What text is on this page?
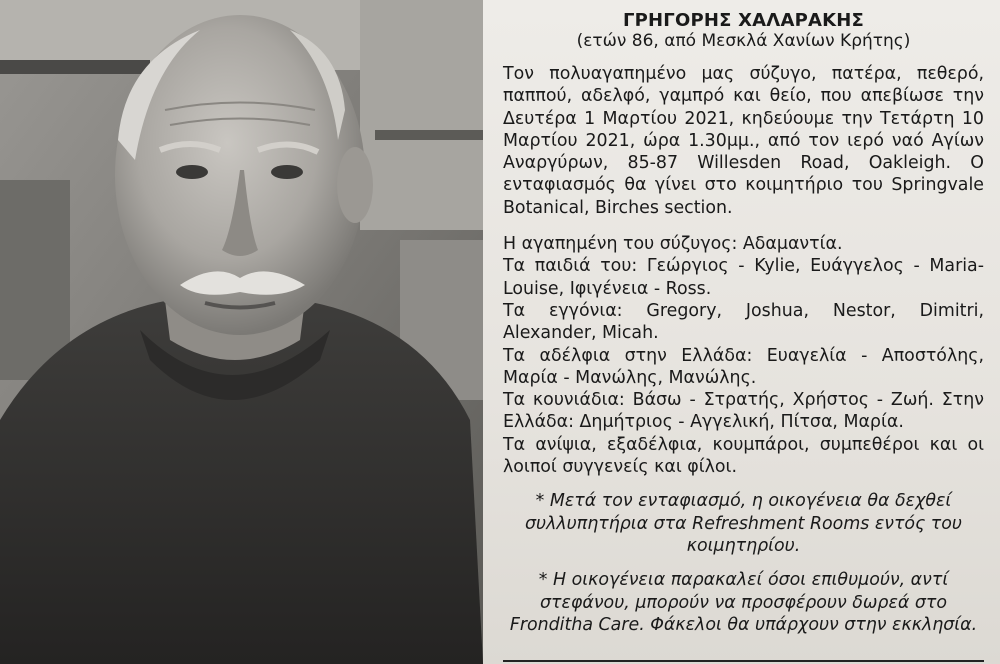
ΓΡΗΓΟΡΗΣ ΧΑΛΑΡΑΚΗΣ
(ετών 86, από Μεσκλά Χανίων Κρήτης)

Τον πολυαγαπημένο μας σύζυγο, πατέρα, πεθερό, παππού, αδελφό, γαμπρό και θείο, που απεβίωσε την Δευτέρα 1 Μαρτίου 2021, κηδεύουμε την Τετάρτη 10 Μαρτίου 2021, ώρα 1.30μμ., από τον ιερό ναό Αγίων Αναργύρων, 85-87 Willesden Road, Oakleigh. Ο ενταφιασμός θα γίνει στο κοιμητήριο του Springvale Botanical, Birches section.

Η αγαπημένη του σύζυγος: Αδαμαντία.

Τα παιδιά του: Γεώργιος - Kylie, Ευάγγελος - Maria-Louise, Ιφιγένεια - Ross.

Τα εγγόνια: Gregory, Joshua, Nestor, Dimitri, Alexander, Micah.

Τα αδέλφια στην Ελλάδα: Ευαγελία - Αποστόλης, Μαρία - Μανώλης, Μανώλης.

Τα κουνιάδια: Βάσω - Στρατής, Χρήστος - Ζωή. Στην Ελλάδα: Δημήτριος - Αγγελική, Πίτσα, Μαρία.

Τα ανίψια, εξαδέλφια, κουμπάροι, συμπεθέροι και οι λοιποί συγγενείς και φίλοι.

* Μετά τον ενταφιασμό, η οικογένεια θα δεχθεί συλλυπητήρια στα Refreshment Rooms εντός του κοιμητηρίου.

* Η οικογένεια παρακαλεί όσοι επιθυμούν, αντί στεφάνου, μπορούν να προσφέρουν δωρεά στο Fronditha Care. Φάκελοι θα υπάρχουν στην εκκλησία.
